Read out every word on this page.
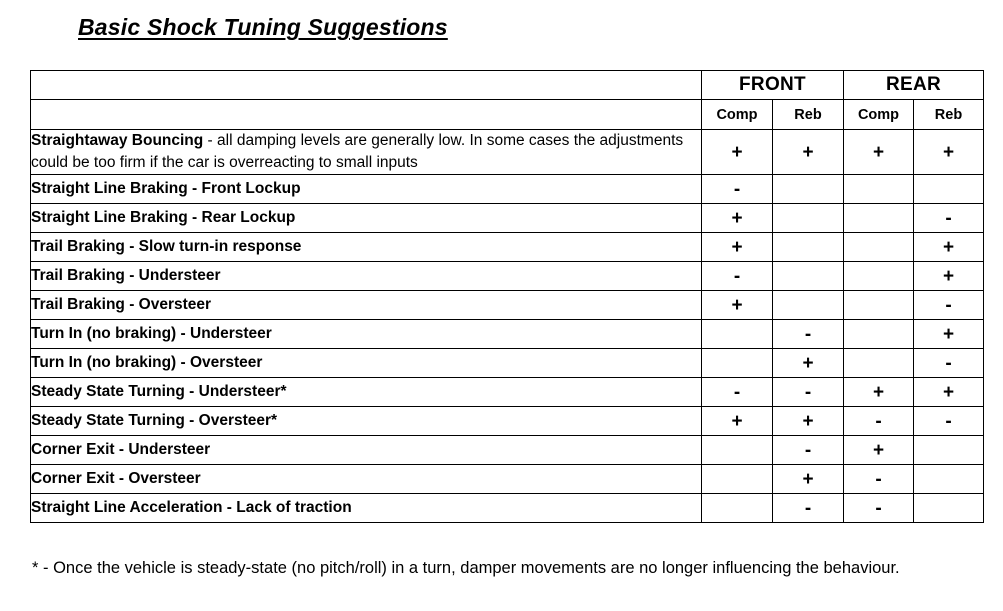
Basic Shock Tuning Suggestions
	FRONT		REAR	
	Comp	Reb	Comp	Reb
Straightaway Bouncing - all damping levels are generally low. In some cases the adjustments could be too firm if the car is overreacting to small inputs	+	+	+	+
Straight Line Braking - Front Lockup	-			
Straight Line Braking - Rear Lockup	+			-
Trail Braking - Slow turn-in response	+			+
Trail Braking - Understeer	-			+
Trail Braking - Oversteer	+			-
Turn In (no braking) - Understeer		-		+
Turn In (no braking) - Oversteer		+		-
Steady State Turning - Understeer*	-	-	+	+
Steady State Turning - Oversteer*	+	+	-	-
Corner Exit - Understeer		-	+	
Corner Exit - Oversteer		+	-	
Straight Line Acceleration - Lack of traction		-	-	
* - Once the vehicle is steady-state (no pitch/roll) in a turn, damper movements are no longer influencing the behaviour.
